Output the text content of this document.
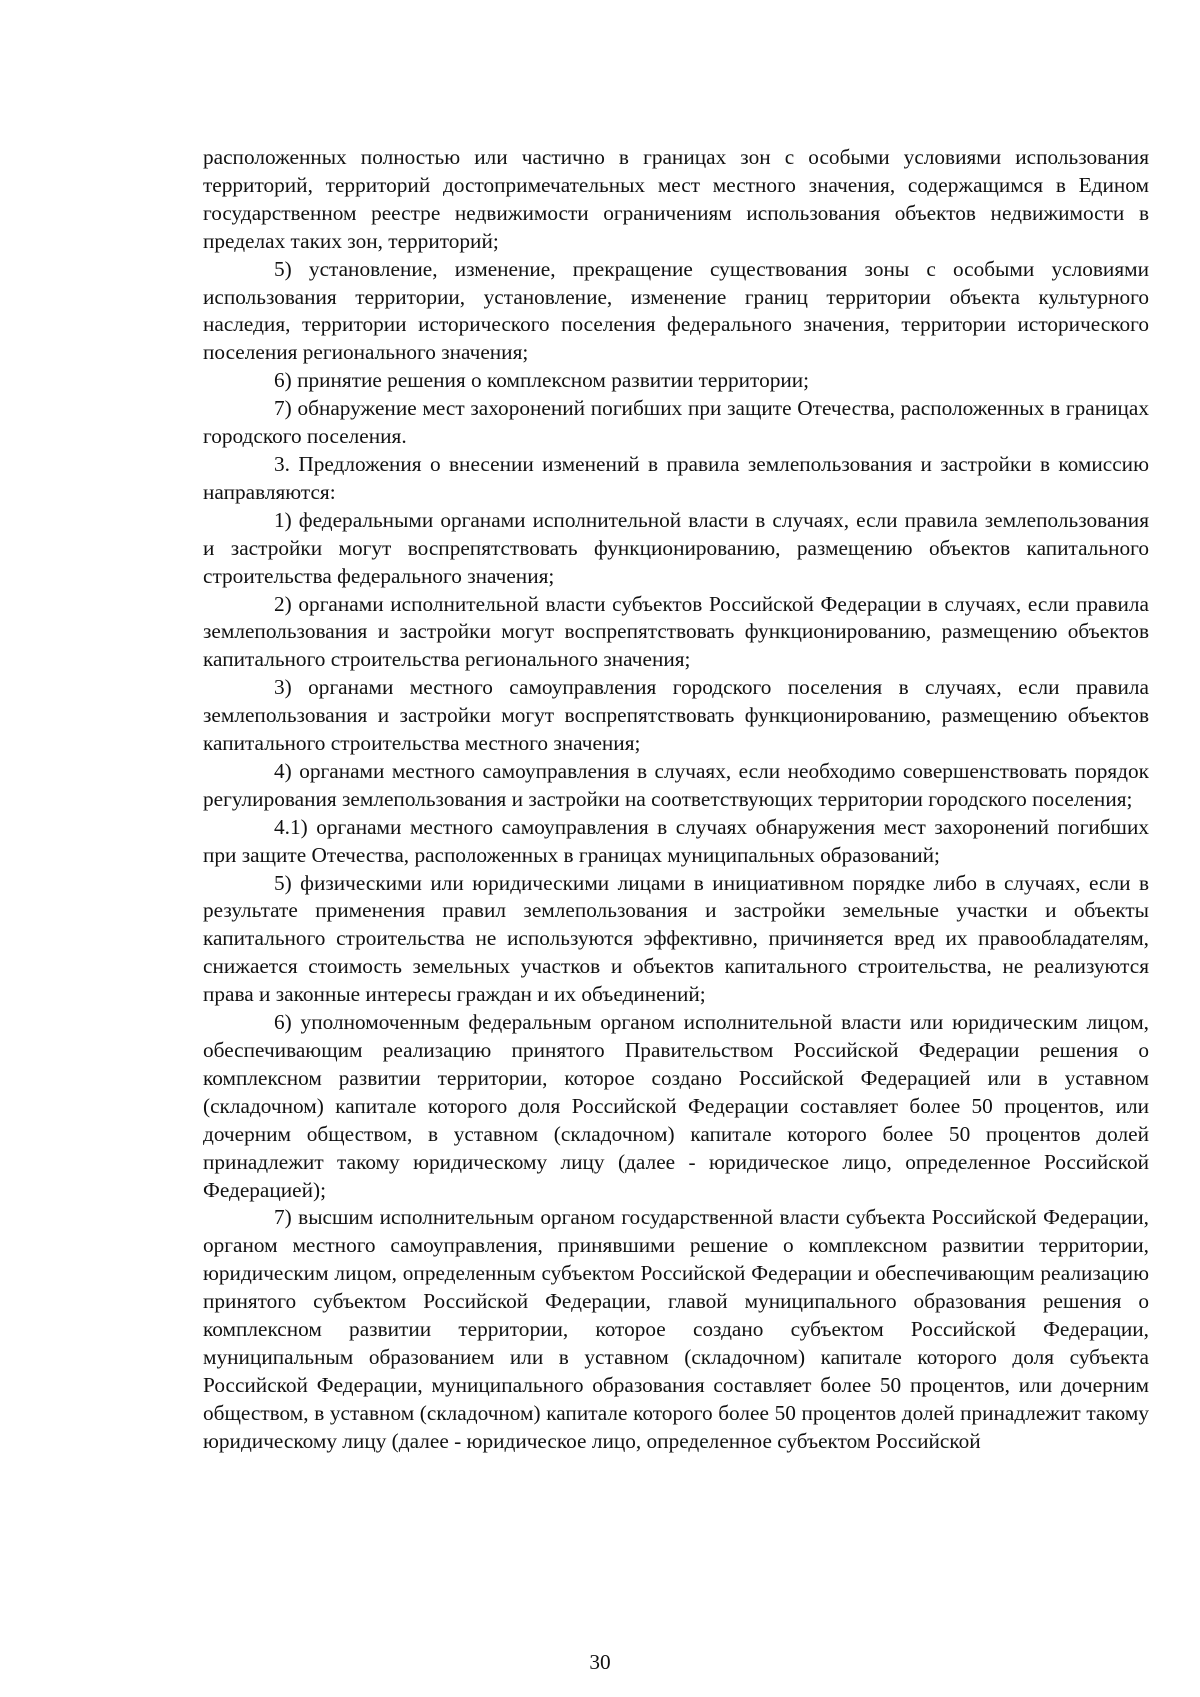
расположенных полностью или частично в границах зон с особыми условиями использования территорий, территорий достопримечательных мест местного значения, содержащимся в Едином государственном реестре недвижимости ограничениям использования объектов недвижимости в пределах таких зон, территорий;

5) установление, изменение, прекращение существования зоны с особыми условиями использования территории, установление, изменение границ территории объекта культурного наследия, территории исторического поселения федерального значения, территории исторического поселения регионального значения;

6) принятие решения о комплексном развитии территории;

7) обнаружение мест захоронений погибших при защите Отечества, расположенных в границах городского поселения.

3. Предложения о внесении изменений в правила землепользования и застройки в комиссию направляются:

1) федеральными органами исполнительной власти в случаях, если правила землепользования и застройки могут воспрепятствовать функционированию, размещению объектов капитального строительства федерального значения;

2) органами исполнительной власти субъектов Российской Федерации в случаях, если правила землепользования и застройки могут воспрепятствовать функционированию, размещению объектов капитального строительства регионального значения;

3) органами местного самоуправления городского поселения в случаях, если правила землепользования и застройки могут воспрепятствовать функционированию, размещению объектов капитального строительства местного значения;

4) органами местного самоуправления в случаях, если необходимо совершенствовать порядок регулирования землепользования и застройки на соответствующих территории городского поселения;

4.1) органами местного самоуправления в случаях обнаружения мест захоронений погибших при защите Отечества, расположенных в границах муниципальных образований;

5) физическими или юридическими лицами в инициативном порядке либо в случаях, если в результате применения правил землепользования и застройки земельные участки и объекты капитального строительства не используются эффективно, причиняется вред их правообладателям, снижается стоимость земельных участков и объектов капитального строительства, не реализуются права и законные интересы граждан и их объединений;

6) уполномоченным федеральным органом исполнительной власти или юридическим лицом, обеспечивающим реализацию принятого Правительством Российской Федерации решения о комплексном развитии территории, которое создано Российской Федерацией или в уставном (складочном) капитале которого доля Российской Федерации составляет более 50 процентов, или дочерним обществом, в уставном (складочном) капитале которого более 50 процентов долей принадлежит такому юридическому лицу (далее - юридическое лицо, определенное Российской Федерацией);

7) высшим исполнительным органом государственной власти субъекта Российской Федерации, органом местного самоуправления, принявшими решение о комплексном развитии территории, юридическим лицом, определенным субъектом Российской Федерации и обеспечивающим реализацию принятого субъектом Российской Федерации, главой муниципального образования решения о комплексном развитии территории, которое создано субъектом Российской Федерации, муниципальным образованием или в уставном (складочном) капитале которого доля субъекта Российской Федерации, муниципального образования составляет более 50 процентов, или дочерним обществом, в уставном (складочном) капитале которого более 50 процентов долей принадлежит такому юридическому лицу (далее - юридическое лицо, определенное субъектом Российской

30
